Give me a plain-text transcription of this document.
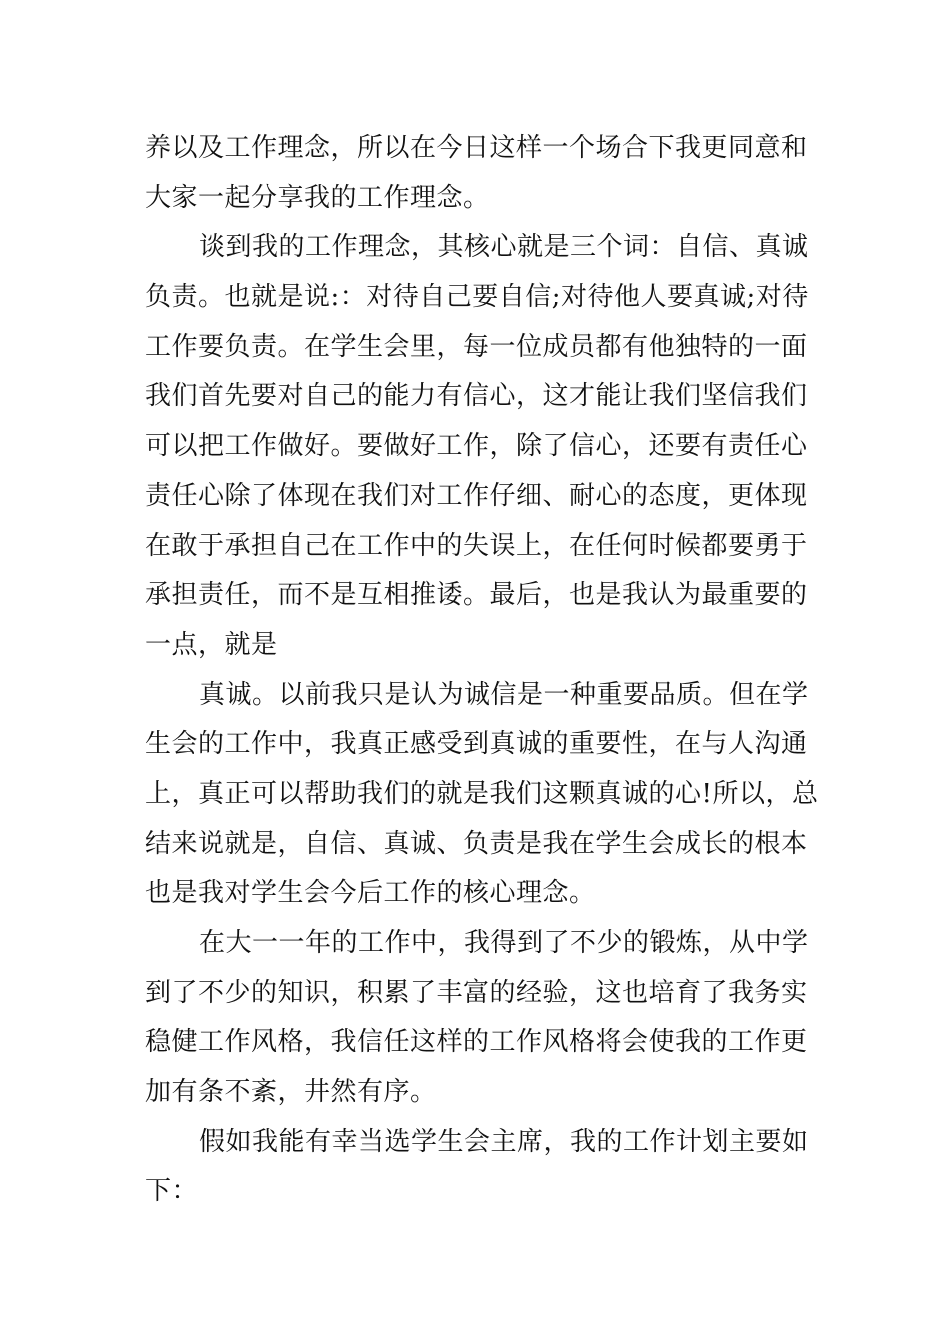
养以及工作理念，所以在今日这样一个场合下我更同意和
大家一起分享我的工作理念。
谈到我的工作理念，其核心就是三个词：自信、真诚
负责。也就是说:：对待自己要自信;对待他人要真诚;对待
工作要负责。在学生会里，每一位成员都有他独特的一面
我们首先要对自己的能力有信心，这才能让我们坚信我们
可以把工作做好。要做好工作，除了信心，还要有责任心
责任心除了体现在我们对工作仔细、耐心的态度，更体现
在敢于承担自己在工作中的失误上，在任何时候都要勇于
承担责任，而不是互相推诿。最后，也是我认为最重要的
一点，就是
真诚。以前我只是认为诚信是一种重要品质。但在学
生会的工作中，我真正感受到真诚的重要性，在与人沟通
上，真正可以帮助我们的就是我们这颗真诚的心!所以，总
结来说就是，自信、真诚、负责是我在学生会成长的根本
也是我对学生会今后工作的核心理念。
在大一一年的工作中，我得到了不少的锻炼，从中学
到了不少的知识，积累了丰富的经验，这也培育了我务实
稳健工作风格，我信任这样的工作风格将会使我的工作更
加有条不紊，井然有序。
假如我能有幸当选学生会主席，我的工作计划主要如
下：
